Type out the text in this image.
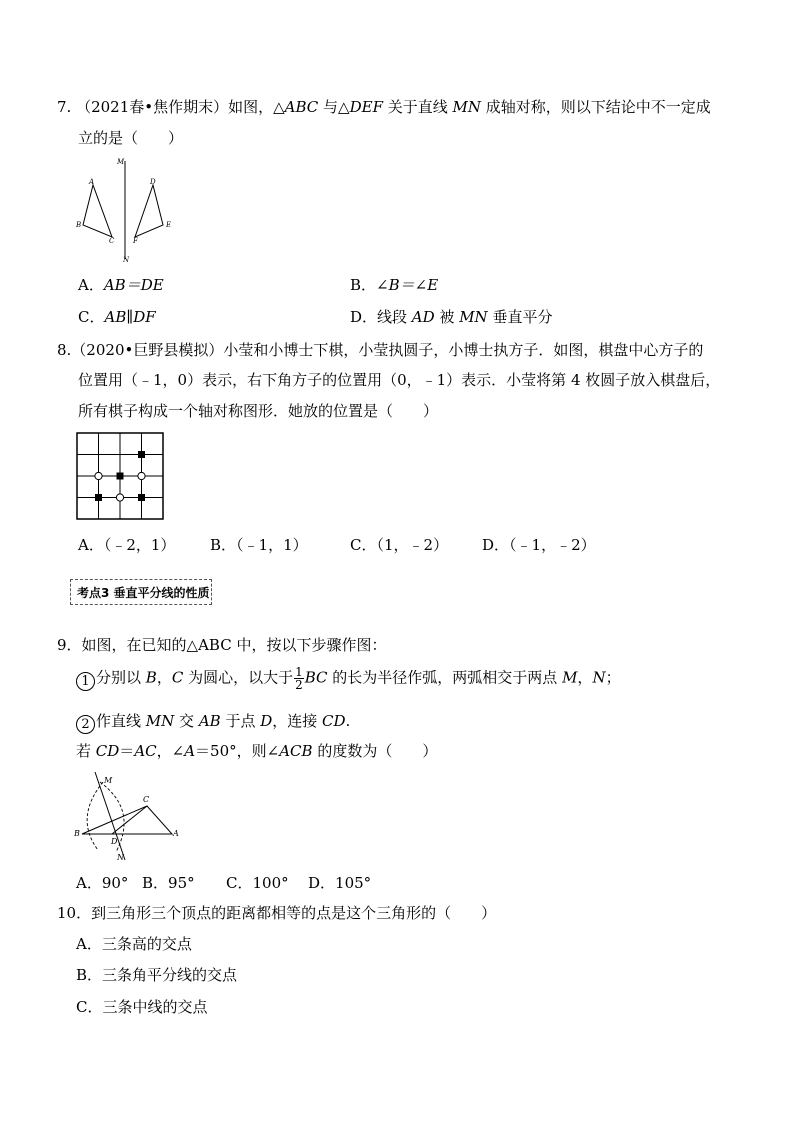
7. （2021春•焦作期末）如图，△ABC 与△DEF 关于直线 MN 成轴对称，则以下结论中不一定成
立的是（　　）
M
N
A
B
C
D
E
F
A．AB＝DE	B．∠B＝∠E
C．AB∥DF	D．线段 AD 被 MN 垂直平分
8.（2020•巨野县模拟）小莹和小博士下棋，小莹执圆子，小博士执方子．如图，棋盘中心方子的
位置用（﹣1，0）表示，右下角方子的位置用（0，﹣1）表示．小莹将第 4 枚圆子放入棋盘后，
所有棋子构成一个轴对称图形．她放的位置是（　　）
A．（﹣2，1） B．（﹣1，1）	C．（1，﹣2） D．（﹣1，﹣2）
考点3 垂直平分线的性质
9．如图，在已知的△ABC 中，按以下步骤作图：
1 分别以 B，C 为圆心，以大于 $\frac{1}{2}$ BC 的长为半径作弧，两弧相交于两点 M，N；
2 作直线 MN 交 AB 于点 D，连接 CD.
若 CD＝AC，∠A＝50°，则∠ACB 的度数为（　　）
M
C
B
D
A
N
A．90° B．95° C．100° D．105°
10．到三角形三个顶点的距离都相等的点是这个三角形的（　　）
A．三条高的交点
B．三条角平分线的交点
C．三条中线的交点
